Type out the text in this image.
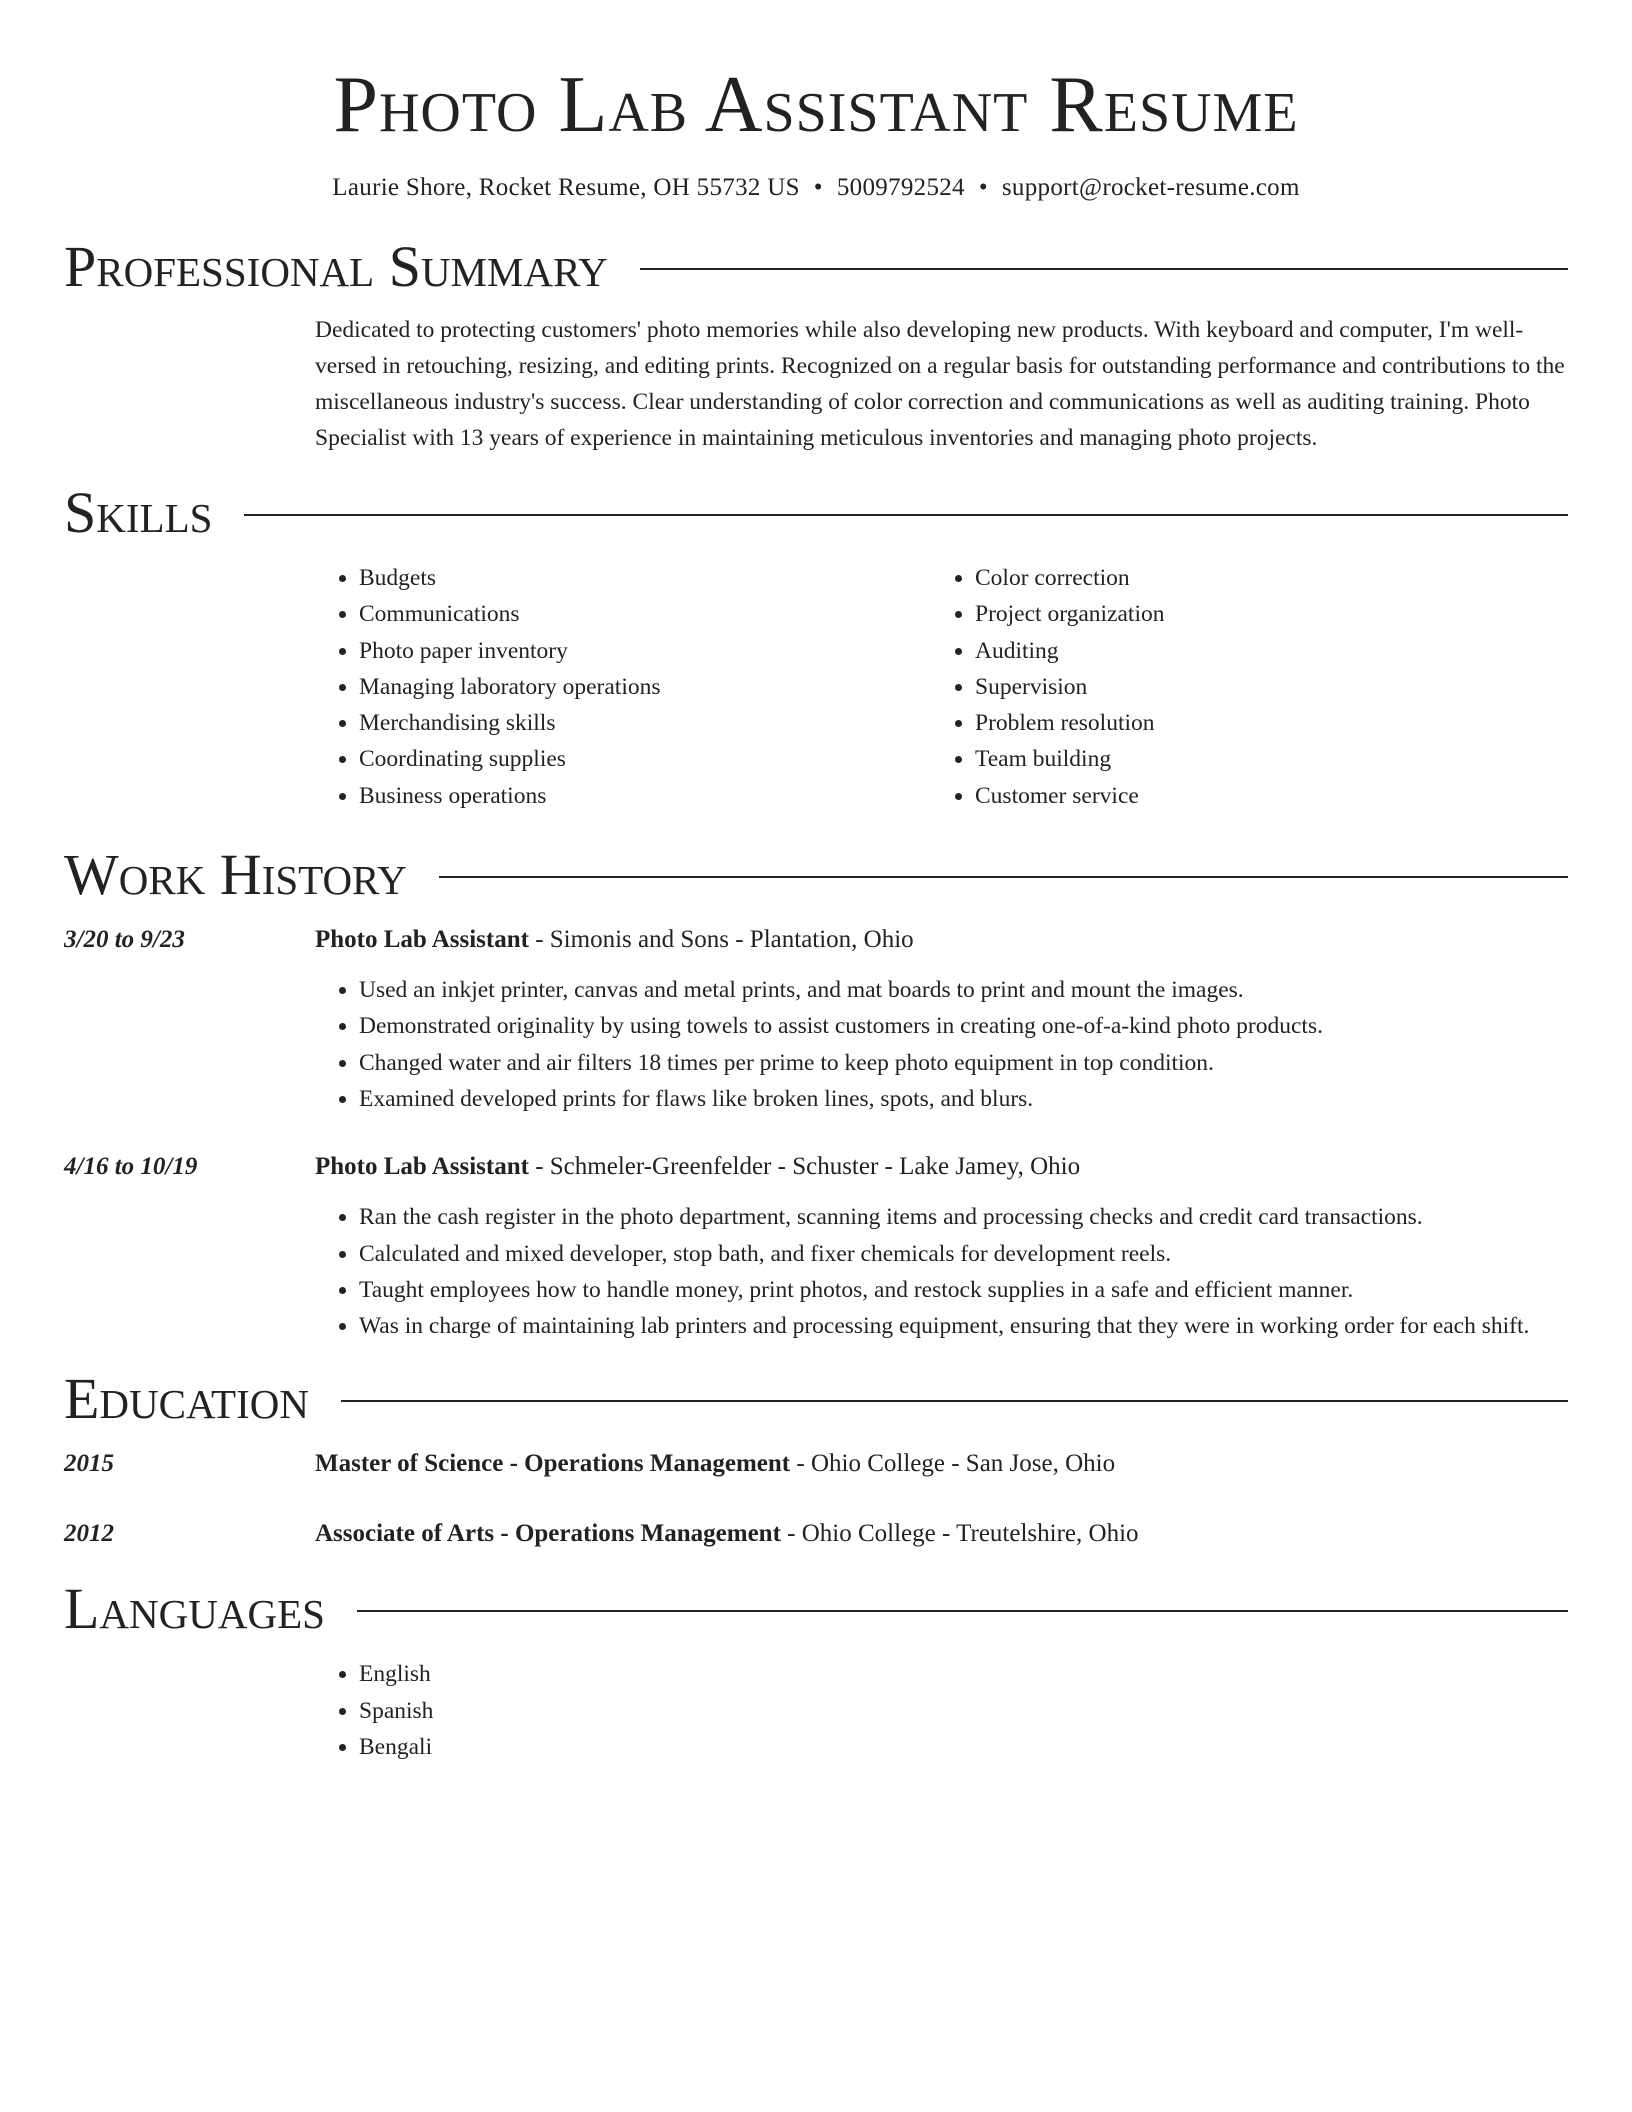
Photo Lab Assistant Resume
Laurie Shore, Rocket Resume, OH 55732 US • 5009792524 • support@rocket-resume.com
Professional Summary
Dedicated to protecting customers' photo memories while also developing new products. With keyboard and computer, I'm well-versed in retouching, resizing, and editing prints. Recognized on a regular basis for outstanding performance and contributions to the miscellaneous industry's success. Clear understanding of color correction and communications as well as auditing training. Photo Specialist with 13 years of experience in maintaining meticulous inventories and managing photo projects.
Skills
• Budgets
• Communications
• Photo paper inventory
• Managing laboratory operations
• Merchandising skills
• Coordinating supplies
• Business operations
• Color correction
• Project organization
• Auditing
• Supervision
• Problem resolution
• Team building
• Customer service
Work History
3/20 to 9/23	Photo Lab Assistant - Simonis and Sons - Plantation, Ohio
• Used an inkjet printer, canvas and metal prints, and mat boards to print and mount the images.
• Demonstrated originality by using towels to assist customers in creating one-of-a-kind photo products.
• Changed water and air filters 18 times per prime to keep photo equipment in top condition.
• Examined developed prints for flaws like broken lines, spots, and blurs.
4/16 to 10/19	Photo Lab Assistant - Schmeler-Greenfelder - Schuster - Lake Jamey, Ohio
• Ran the cash register in the photo department, scanning items and processing checks and credit card transactions.
• Calculated and mixed developer, stop bath, and fixer chemicals for development reels.
• Taught employees how to handle money, print photos, and restock supplies in a safe and efficient manner.
• Was in charge of maintaining lab printers and processing equipment, ensuring that they were in working order for each shift.
Education
2015	Master of Science - Operations Management - Ohio College - San Jose, Ohio
2012	Associate of Arts - Operations Management - Ohio College - Treutelshire, Ohio
Languages
• English
• Spanish
• Bengali
